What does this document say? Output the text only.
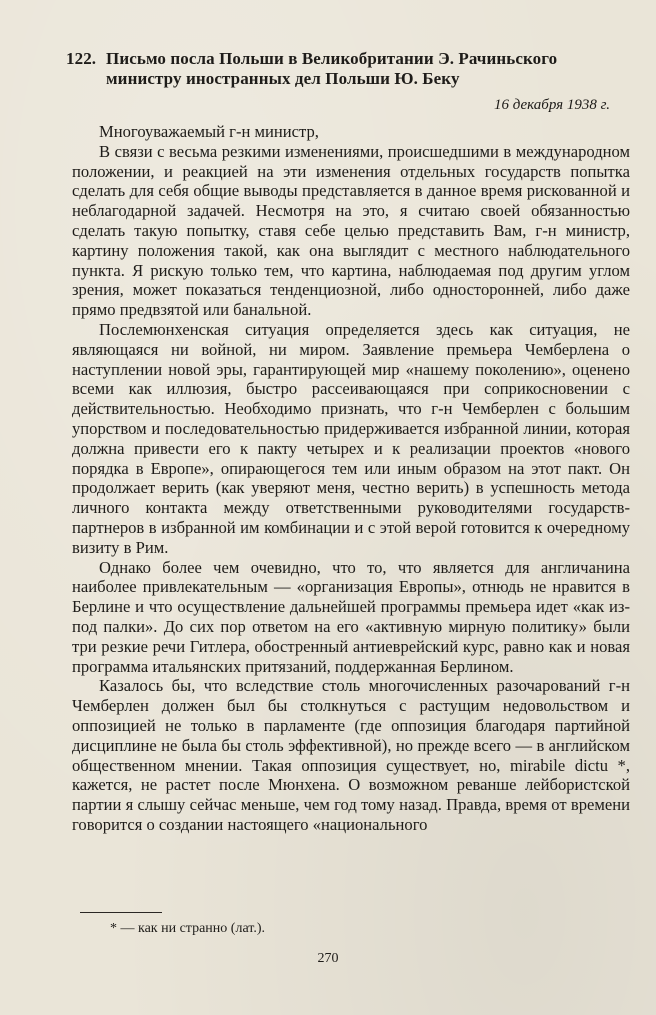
122. Письмо посла Польши в Великобритании Э. Рачиньского
министру иностранных дел Польши Ю. Беку
16 декабря 1938 г.

Многоуважаемый г-н министр,

В связи с весьма резкими изменениями, происшедшими в международном положении, и реакцией на эти изменения отдельных государств попытка сделать для себя общие выводы представляется в данное время рискованной и неблагодарной задачей. Несмотря на это, я считаю своей обязанностью сделать такую попытку, ставя себе целью представить Вам, г-н министр, картину положения такой, как она выглядит с местного наблюдательного пункта. Я рискую только тем, что картина, наблюдаемая под другим углом зрения, может показаться тенденциозной, либо односторонней, либо даже прямо предвзятой или банальной.

Послемюнхенская ситуация определяется здесь как ситуация, не являющаяся ни войной, ни миром. Заявление премьера Чемберлена о наступлении новой эры, гарантирующей мир «нашему поколению», оценено всеми как иллюзия, быстро рассеивающаяся при соприкосновении с действительностью. Необходимо признать, что г-н Чемберлен с большим упорством и последовательностью придерживается избранной линии, которая должна привести его к пакту четырех и к реализации проектов «нового порядка в Европе», опирающегося тем или иным образом на этот пакт. Он продолжает верить (как уверяют меня, честно верить) в успешность метода личного контакта между ответственными руководителями государств-партнеров в избранной им комбинации и с этой верой готовится к очередному визиту в Рим.

Однако более чем очевидно, что то, что является для англичанина наиболее привлекательным — «организация Европы», отнюдь не нравится в Берлине и что осуществление дальнейшей программы премьера идет «как из-под палки». До сих пор ответом на его «активную мирную политику» были три резкие речи Гитлера, обостренный антиеврейский курс, равно как и новая программа итальянских притязаний, поддержанная Берлином.

Казалось бы, что вследствие столь многочисленных разочарований г-н Чемберлен должен был бы столкнуться с растущим недовольством и оппозицией не только в парламенте (где оппозиция благодаря партийной дисциплине не была бы столь эффективной), но прежде всего — в английском общественном мнении. Такая оппозиция существует, но, mirabile dictu *, кажется, не растет после Мюнхена. О возможном реванше лейбористской партии я слышу сейчас меньше, чем год тому назад. Правда, время от времени говорится о создании настоящего «национального

* — как ни странно (лат.).
270
